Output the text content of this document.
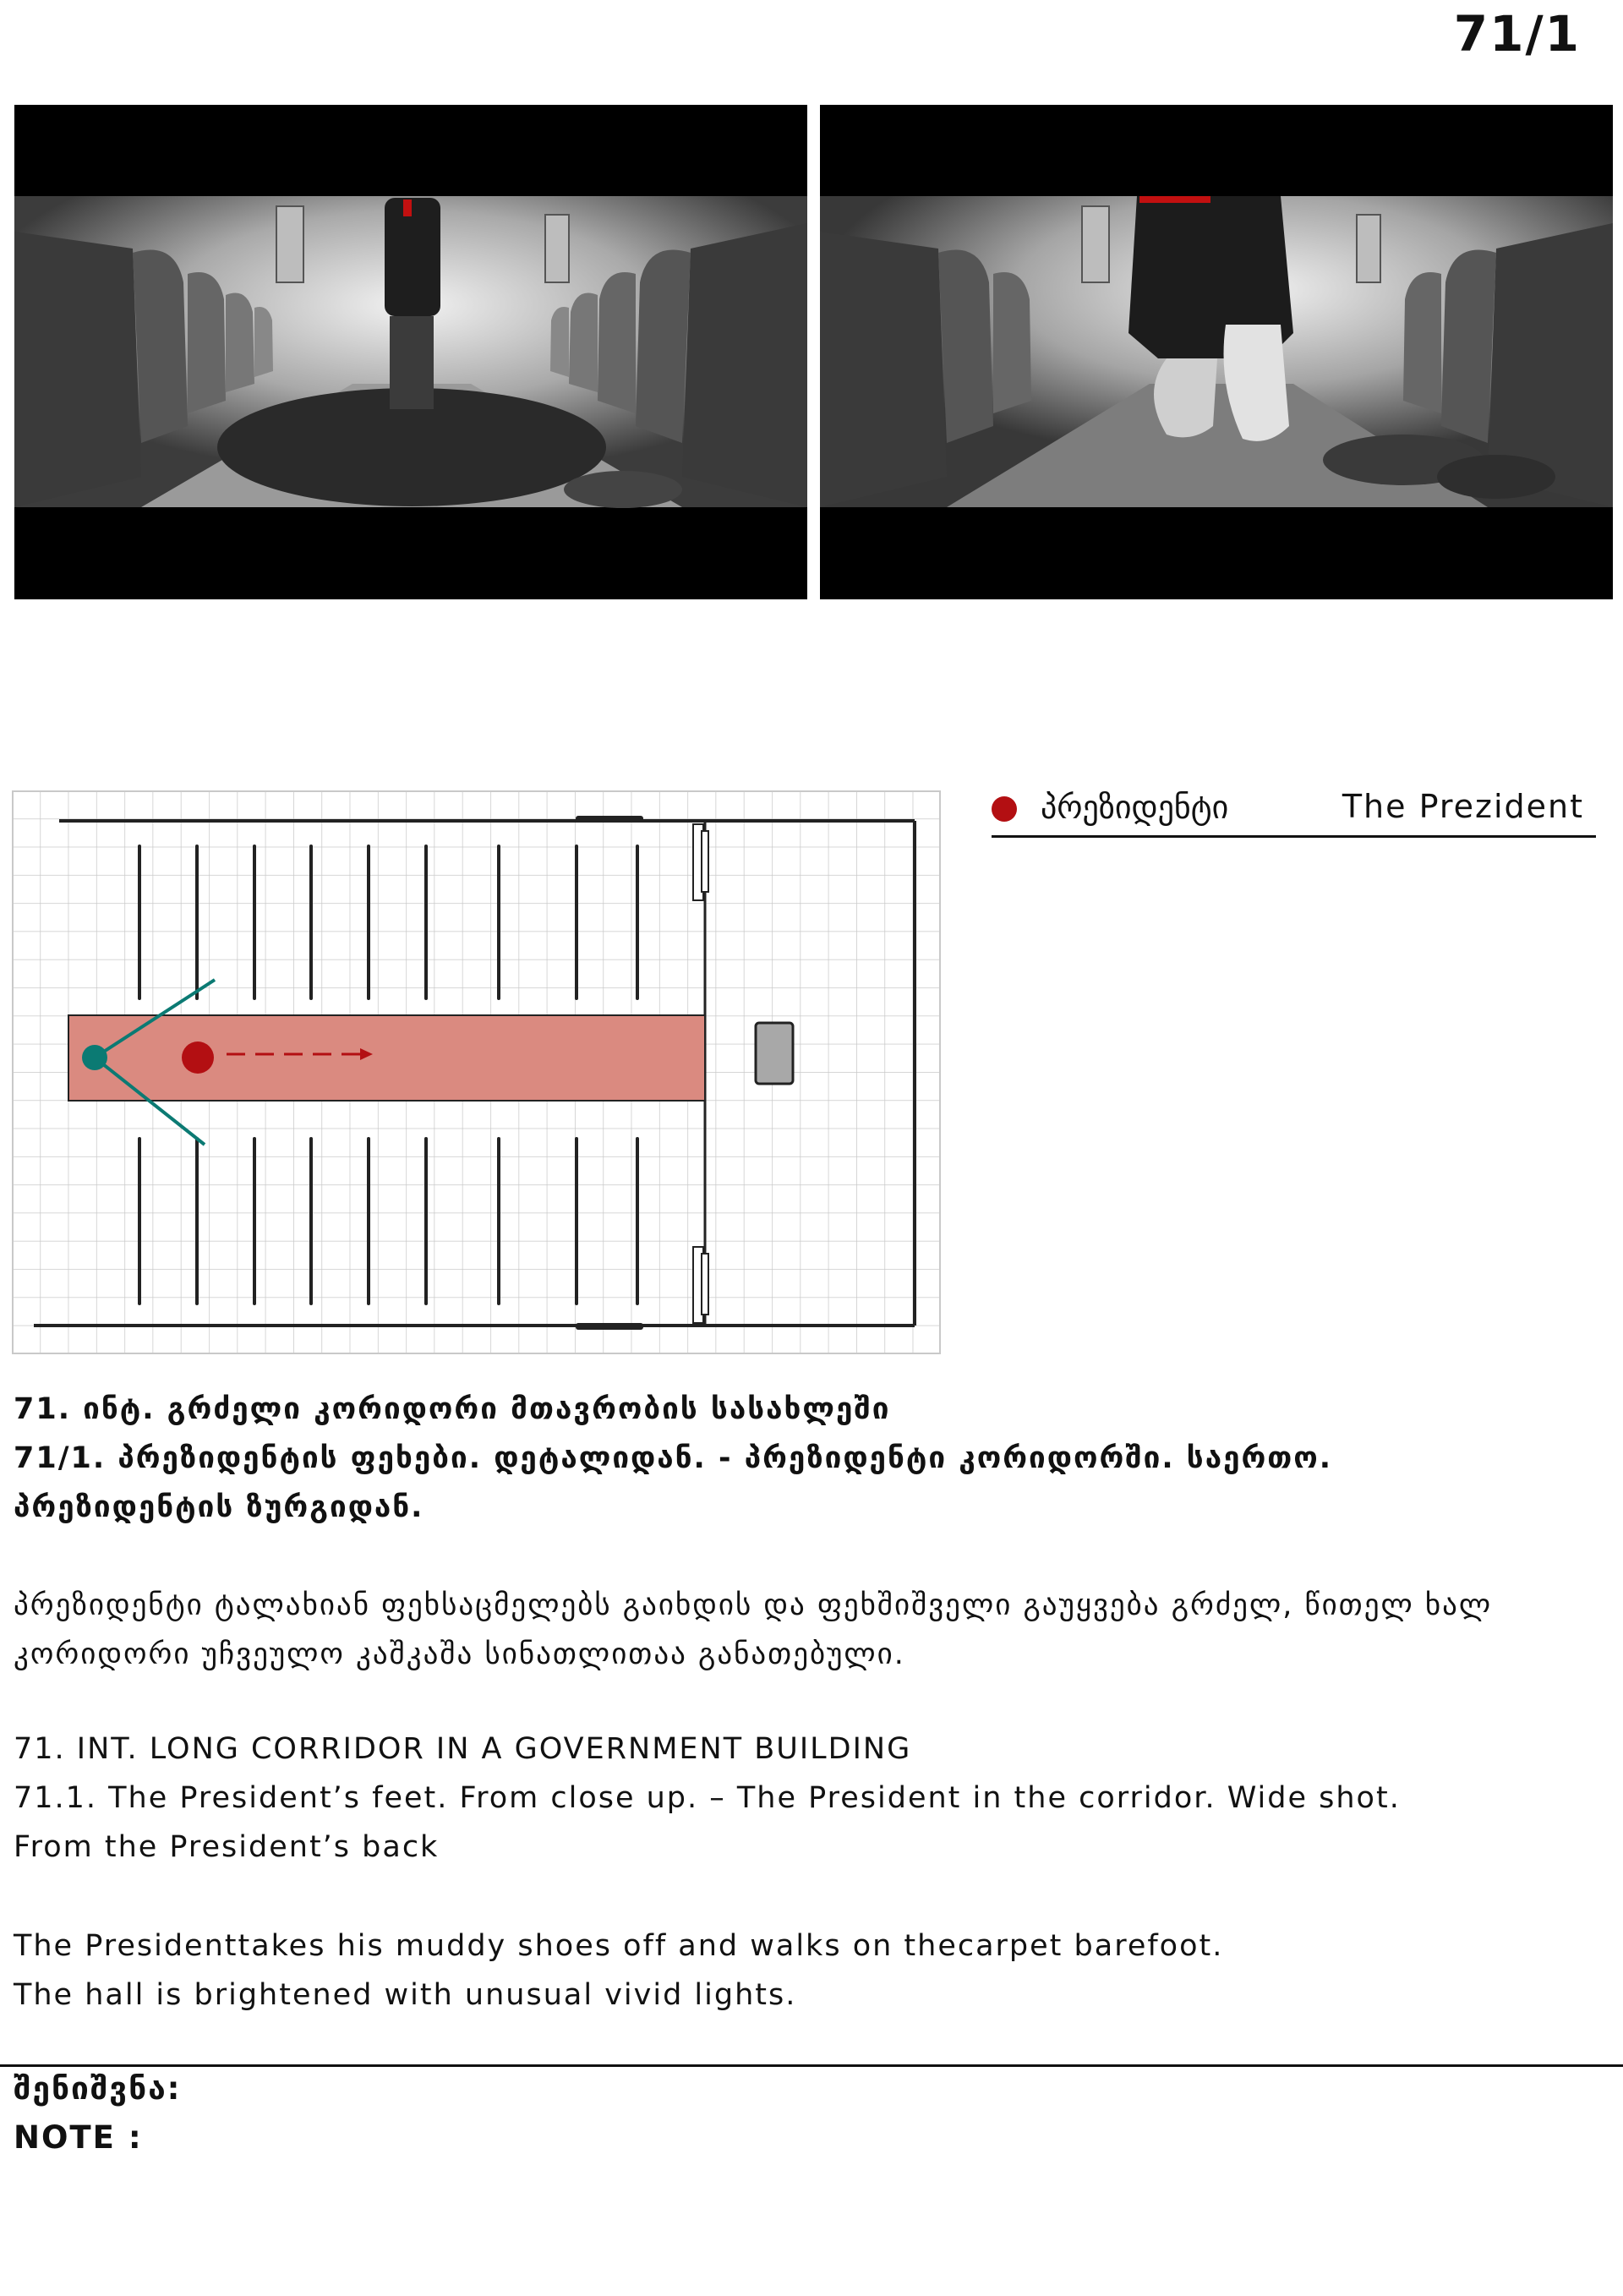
71/1
პრეზიდენტი	The Prezident

71. ინტ. გრძელი კორიდორი მთავრობის სასახლეში

71/1. პრეზიდენტის ფეხები. დეტალიდან. - პრეზიდენტი კორიდორში. საერთო.

პრეზიდენტის ზურგიდან.

პრეზიდენტი ტალახიან ფეხსაცმელებს გაიხდის და ფეხშიშველი გაუყვება გრძელ, წითელ ხალ

კორიდორი უჩვეულო კაშკაშა სინათლითაა განათებული.

71. INT. LONG CORRIDOR IN A GOVERNMENT BUILDING

71.1. The President’s feet. From close up. – The President in the corridor. Wide shot.

From the President’s back

The Presidenttakes his muddy shoes off and walks on thecarpet barefoot.

The hall is brightened with unusual vivid lights.

შენიშვნა:

NOTE :
